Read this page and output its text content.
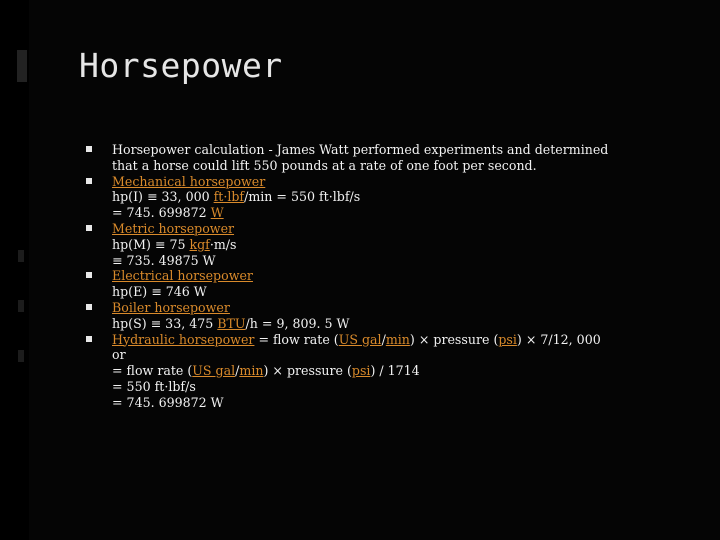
Horsepower
Horsepower calculation - James Watt performed experiments and determined
that a horse could lift 550 pounds at a rate of one foot per second.
Mechanical horsepower
hp(I) ≡ 33, 000 ft·lbf/min = 550 ft·lbf/s
= 745. 699872 W
Metric horsepower
hp(M) ≡ 75 kgf·m/s
≡ 735. 49875 W
Electrical horsepower
hp(E) ≡ 746 W
Boiler horsepower
hp(S) ≡ 33, 475 BTU/h = 9, 809. 5 W
Hydraulic horsepower = flow rate (US gal/min) × pressure (psi) × 7/12, 000
or
= flow rate (US gal/min) × pressure (psi) / 1714
= 550 ft·lbf/s
= 745. 699872 W
